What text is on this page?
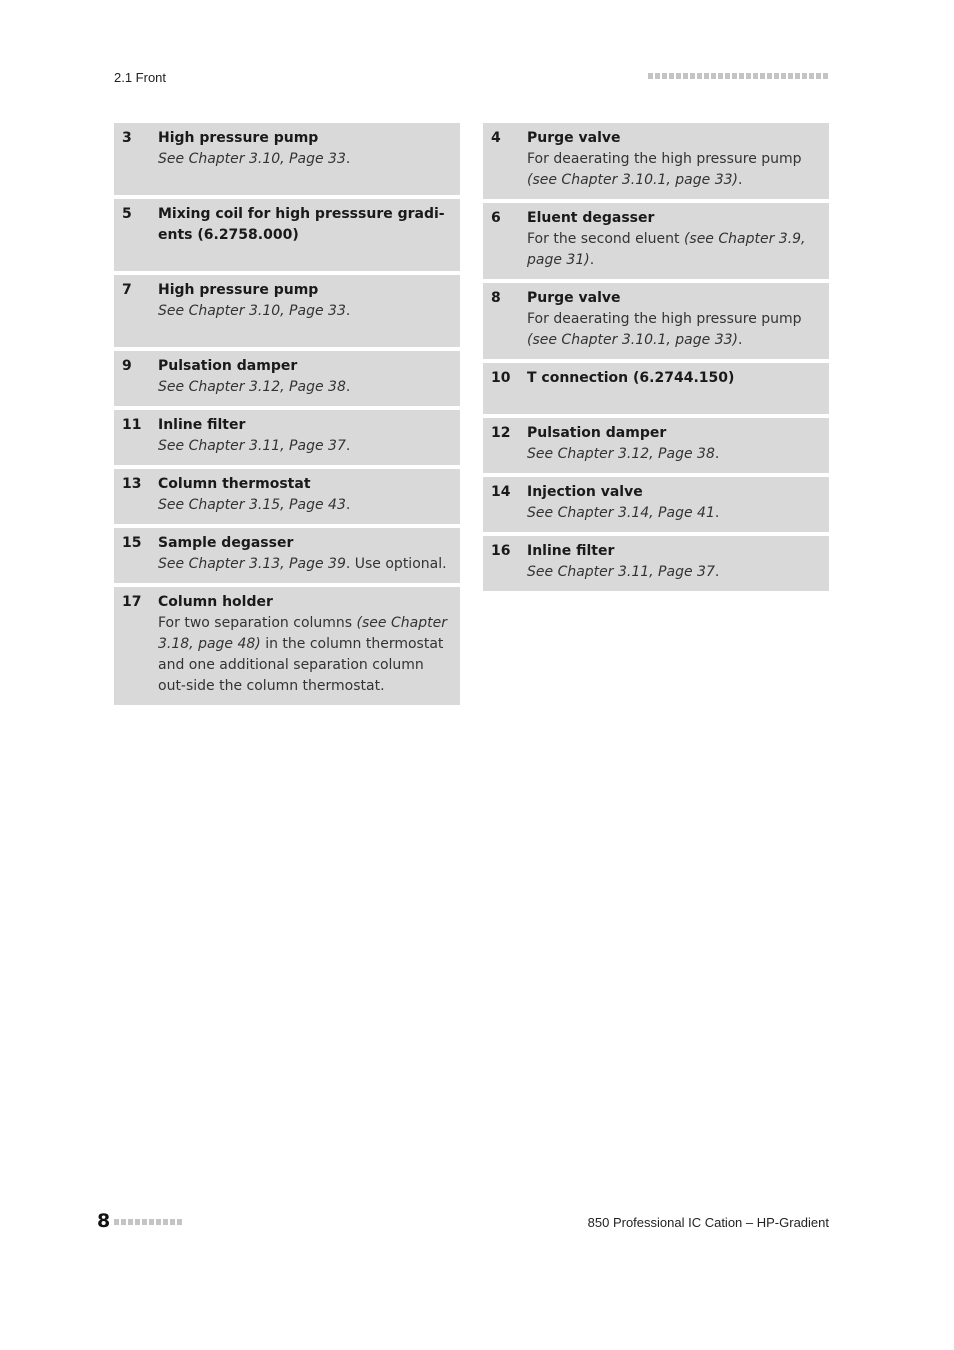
2.1 Front
3	High pressure pump
See Chapter 3.10, Page 33.
5	Mixing coil for high presssure gradi-ents (6.2758.000)
7	High pressure pump
See Chapter 3.10, Page 33.
9	Pulsation damper
See Chapter 3.12, Page 38.
11	Inline filter
See Chapter 3.11, Page 37.
13	Column thermostat
See Chapter 3.15, Page 43.
15	Sample degasser
See Chapter 3.13, Page 39. Use optional.
17	Column holder
For two separation columns (see Chapter 3.18, page 48) in the column thermostat and one additional separation column out-side the column thermostat.
4	Purge valve
For deaerating the high pressure pump (see Chapter 3.10.1, page 33).
6	Eluent degasser
For the second eluent (see Chapter 3.9, page 31).
8	Purge valve
For deaerating the high pressure pump (see Chapter 3.10.1, page 33).
10	T connection (6.2744.150)
12	Pulsation damper
See Chapter 3.12, Page 38.
14	Injection valve
See Chapter 3.14, Page 41.
16	Inline filter
See Chapter 3.11, Page 37.
8	850 Professional IC Cation – HP-Gradient
